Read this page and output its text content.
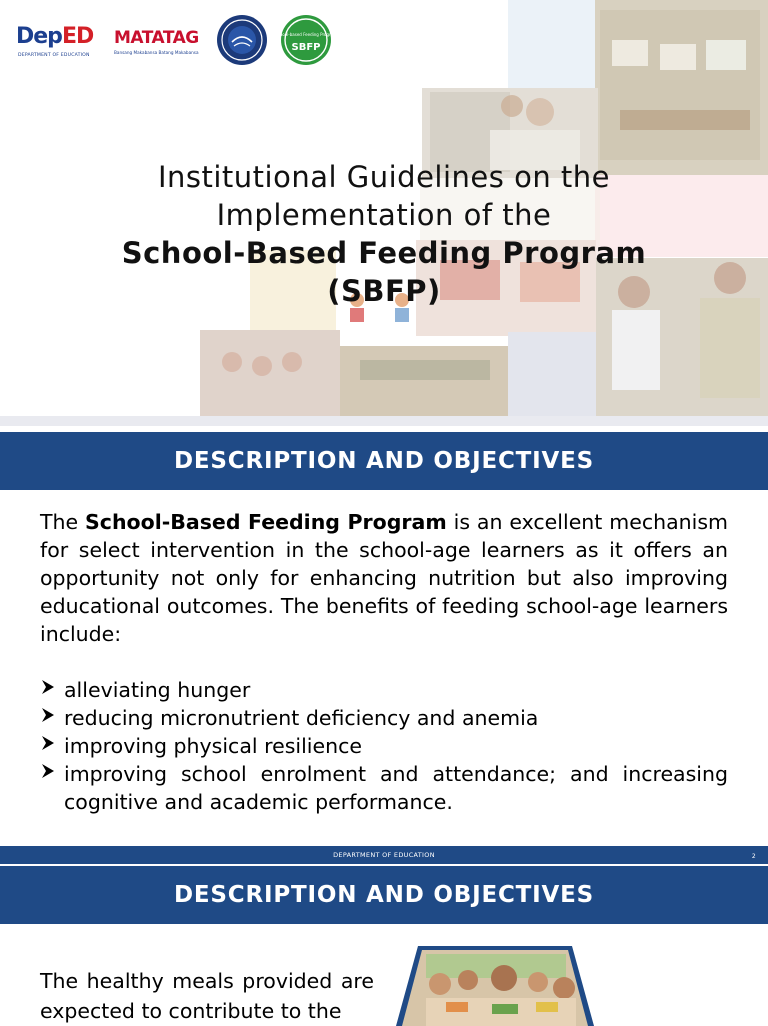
DepED
DEPARTMENT OF EDUCATION
MATATAG
Bansang Makabansa Batang Makabansa
School-based Feeding Program
SBFP
Institutional Guidelines on the
Implementation of the
School-Based Feeding Program
(SBFP)
DESCRIPTION AND OBJECTIVES
The School-Based Feeding Program is an excellent mechanism for select intervention in the school-age learners as it offers an opportunity not only for enhancing nutrition but also improving educational outcomes. The benefits of feeding school-age learners include:
alleviating hunger
reducing micronutrient deficiency and anemia
improving physical resilience
improving school enrolment and attendance; and increasing cognitive and academic performance.
DEPARTMENT OF EDUCATION	2
DESCRIPTION AND OBJECTIVES
The healthy meals provided are expected to contribute to the
